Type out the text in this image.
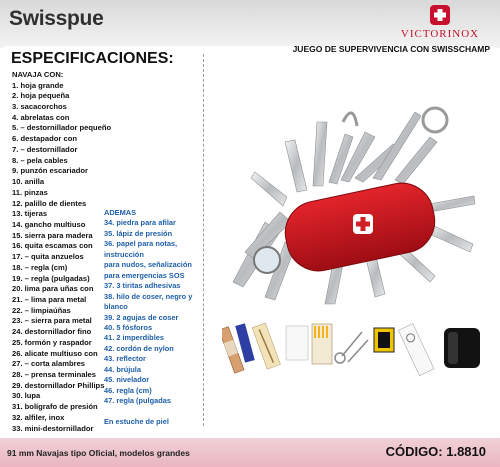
Swisspue
VICTORINOX
ESPECIFICACIONES:
JUEGO DE SUPERVIVENCIA CON SWISSCHAMP
NAVAJA CON:
1. hoja grande
2. hoja pequeña
3. sacacorchos
4. abrelatas con
5. – destornillador pequeño
6. destapador con
7. – destornillador
8. – pela cables
9. punzón escariador
10. anilla
11. pinzas
12. palillo de dientes
13. tijeras
14. gancho multiuso
15. sierra para madera
16. quita escamas con
17. – quita anzuelos
18. – regla (cm)
19. – regla (pulgadas)
20. lima para uñas con
21. – lima para metal
22. – limpiaúñas
23. – sierra para metal
24. destornillador fino
25. formón y raspador
26. alicate multiuso con
27. – corta alambres
28. – prensa terminales
29. destornillador Phillips
30. lupa
31. bolígrafo de presión
32. alfiler, inox
33. mini-destornillador
ADEMAS
34. piedra para afilar
35. lápiz de presión
36. papel para notas,
instrucción
para nudos, señalización
para emergencias SOS
37. 3 tiritas adhesivas
38. hilo de coser, negro y
blanco
39. 2 agujas de coser
40. 5 fósforos
41. 2 imperdibles
42. cordón de nylon
43. reflector
44. brújula
45. nivelador
46. regla (cm)
47. regla (pulgadas
En estuche de piel
91 mm Navajas tipo Oficial, modelos grandes	CÓDIGO: 1.8810
